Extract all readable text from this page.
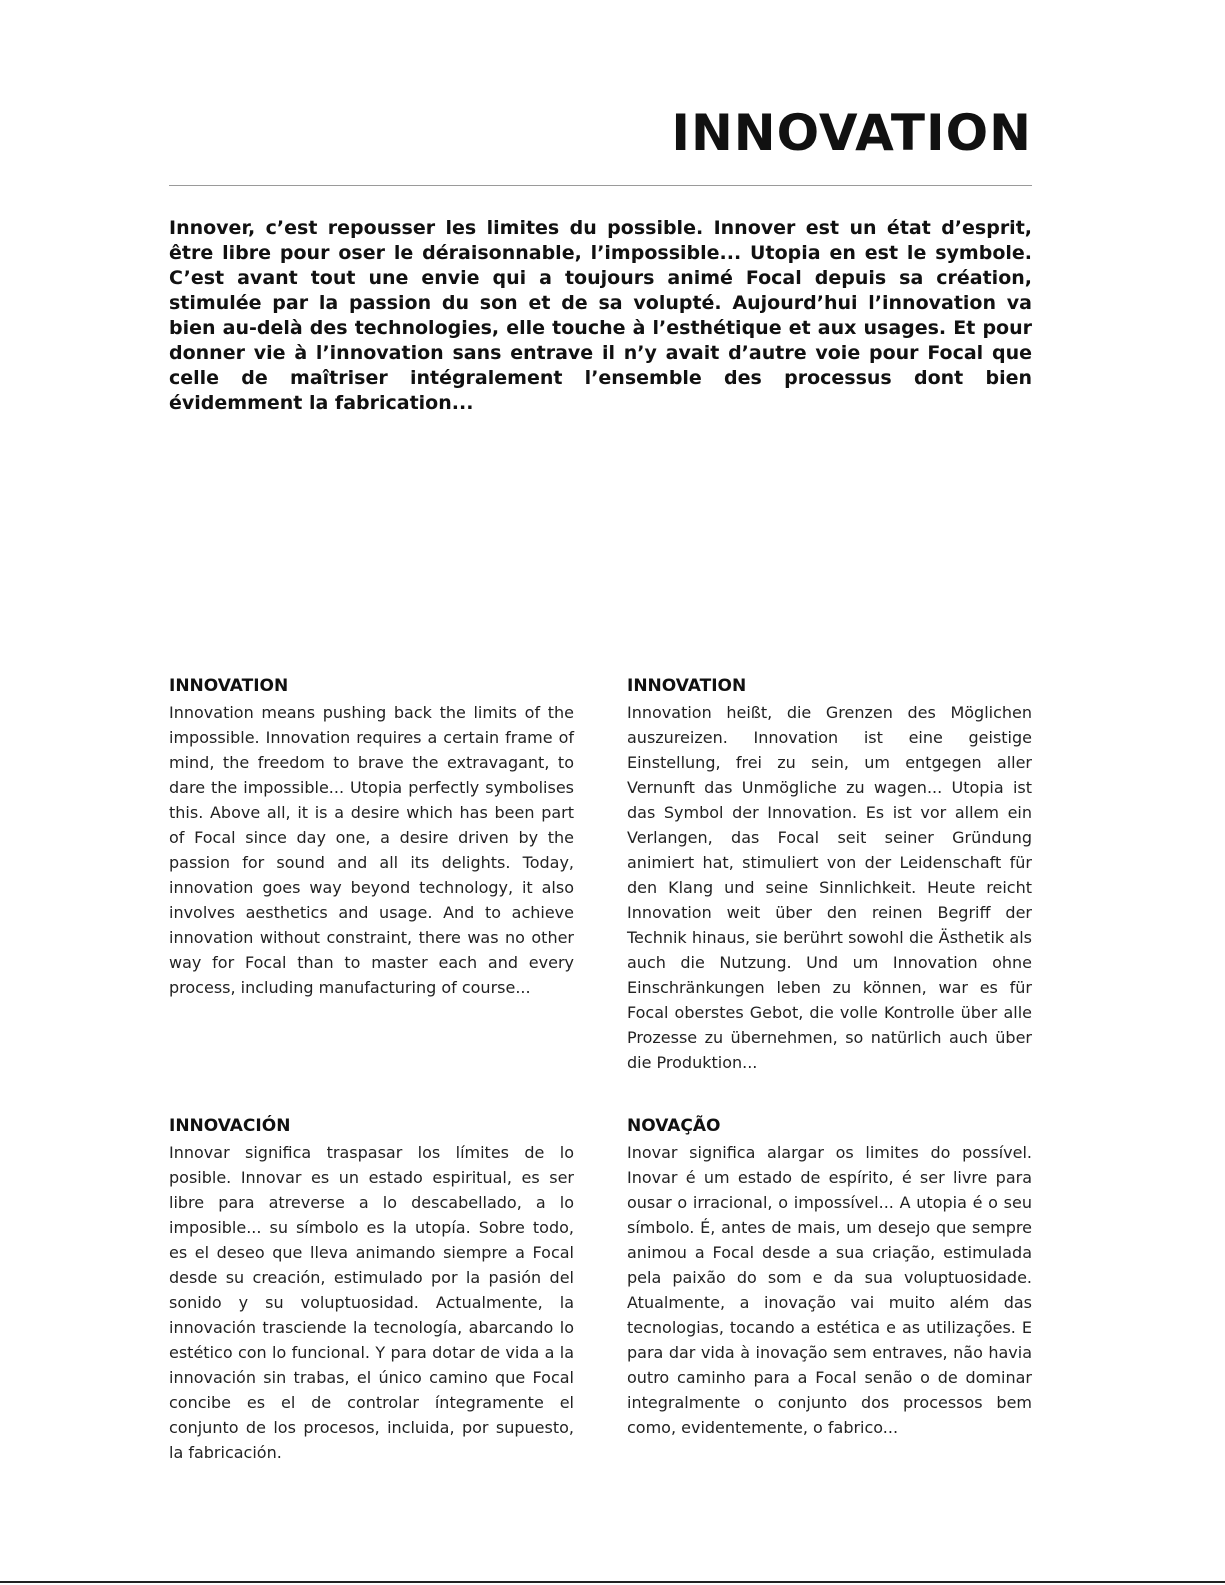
INNOVATION

Innover, c’est repousser les limites du possible. Innover est un état d’esprit, être libre pour oser le déraisonnable, l’impossible... Utopia en est le symbole. C’est avant tout une envie qui a toujours animé Focal depuis sa création, stimulée par la passion du son et de sa volupté. Aujourd’hui l’innovation va bien au-delà des technologies, elle touche à l’esthétique et aux usages. Et pour donner vie à l’innovation sans entrave il n’y avait d’autre voie pour Focal que celle de maîtriser intégralement l’ensemble des processus dont bien évidemment la fabrication...

INNOVATION

Innovation means pushing back the limits of the impossible. Innovation requires a certain frame of mind, the freedom to brave the extravagant, to dare the impossible... Utopia perfectly symbolises this. Above all, it is a desire which has been part of Focal since day one, a desire driven by the passion for sound and all its delights. Today, innovation goes way beyond technology, it also involves aesthetics and usage. And to achieve innovation without constraint, there was no other way for Focal than to master each and every process, including manufacturing of course...

INNOVATION

Innovation heißt, die Grenzen des Möglichen auszureizen. Innovation ist eine geistige Einstellung, frei zu sein, um entgegen aller Vernunft das Unmögliche zu wagen... Utopia ist das Symbol der Innovation. Es ist vor allem ein Verlangen, das Focal seit seiner Gründung animiert hat, stimuliert von der Leidenschaft für den Klang und seine Sinnlichkeit. Heute reicht Innovation weit über den reinen Begriff der Technik hinaus, sie berührt sowohl die Ästhetik als auch die Nutzung. Und um Innovation ohne Einschränkungen leben zu können, war es für Focal oberstes Gebot, die volle Kontrolle über alle Prozesse zu übernehmen, so natürlich auch über die Produktion...

INNOVACIÓN

Innovar significa traspasar los límites de lo posible. Innovar es un estado espiritual, es ser libre para atreverse a lo descabellado, a lo imposible... su símbolo es la utopía. Sobre todo, es el deseo que lleva animando siempre a Focal desde su creación, estimulado por la pasión del sonido y su voluptuosidad. Actualmente, la innovación trasciende la tecnología, abarcando lo estético con lo funcional. Y para dotar de vida a la innovación sin trabas, el único camino que Focal concibe es el de controlar íntegramente el conjunto de los procesos, incluida, por supuesto, la fabricación.

NOVAÇÃO

Inovar significa alargar os limites do possível. Inovar é um estado de espírito, é ser livre para ousar o irracional, o impossível... A utopia é o seu símbolo. É, antes de mais, um desejo que sempre animou a Focal desde a sua criação, estimulada pela paixão do som e da sua voluptuosidade. Atualmente, a inovação vai muito além das tecnologias, tocando a estética e as utilizações. E para dar vida à inovação sem entraves, não havia outro caminho para a Focal senão o de dominar integralmente o conjunto dos processos bem como, evidentemente, o fabrico...
